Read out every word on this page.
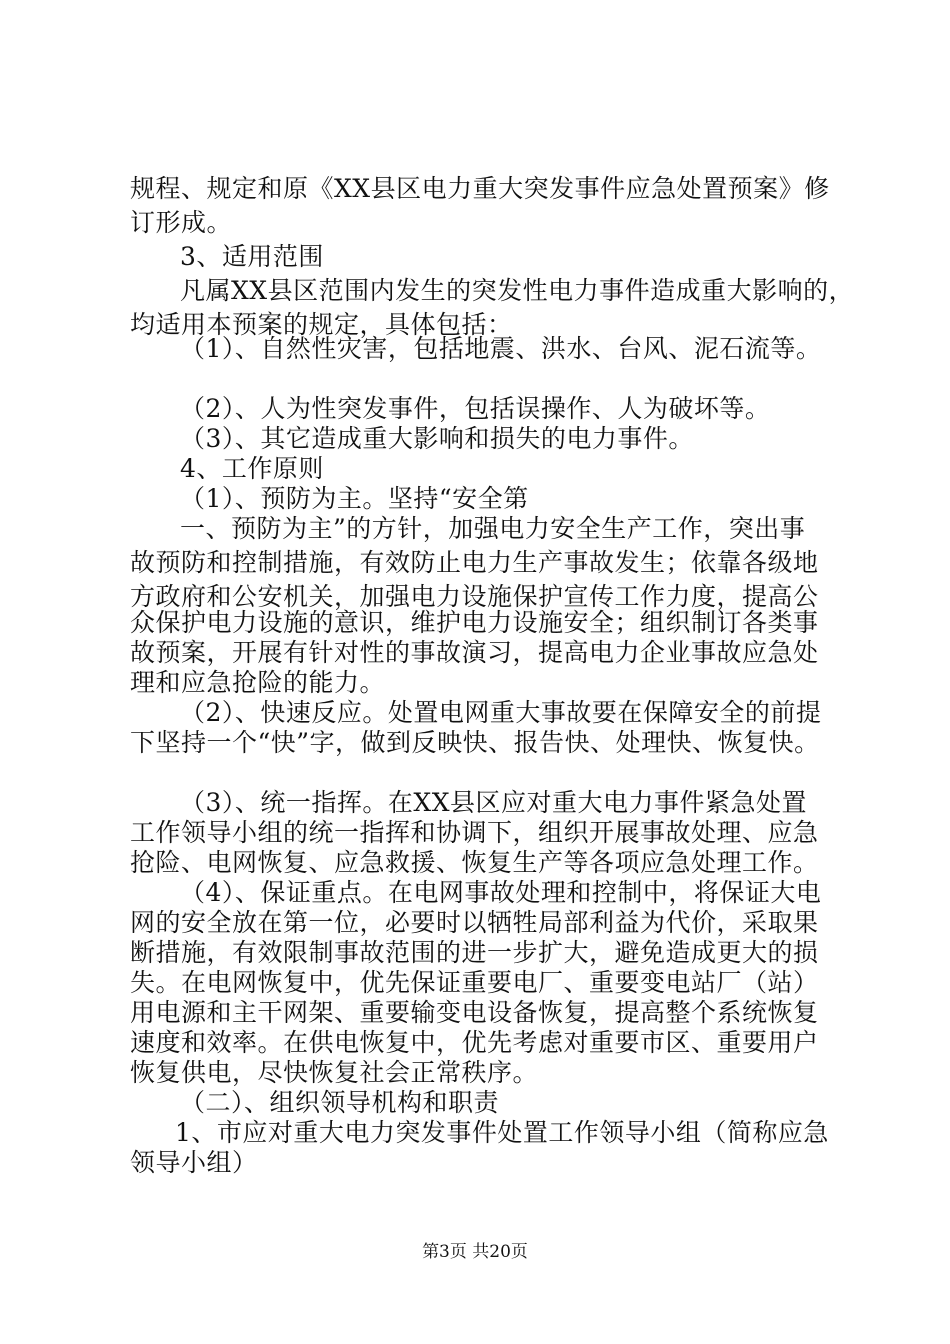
规程、规定和原《XX县区电力重大突发事件应急处置预案》修
订形成。
3、适用范围
凡属XX县区范围内发生的突发性电力事件造成重大影响的，
均适用本预案的规定，具体包括：
（1）、自然性灾害，包括地震、洪水、台风、泥石流等。
（2）、人为性突发事件，包括误操作、人为破坏等。
（3）、其它造成重大影响和损失的电力事件。
4、工作原则
（1）、预防为主。坚持“安全第
一、预防为主”的方针，加强电力安全生产工作，突出事
故预防和控制措施，有效防止电力生产事故发生；依靠各级地
方政府和公安机关，加强电力设施保护宣传工作力度，提高公
众保护电力设施的意识，维护电力设施安全；组织制订各类事
故预案，开展有针对性的事故演习，提高电力企业事故应急处
理和应急抢险的能力。
（2）、快速反应。处置电网重大事故要在保障安全的前提
下坚持一个“快”字，做到反映快、报告快、处理快、恢复快。
（3）、统一指挥。在XX县区应对重大电力事件紧急处置
工作领导小组的统一指挥和协调下，组织开展事故处理、应急
抢险、电网恢复、应急救援、恢复生产等各项应急处理工作。
（4）、保证重点。在电网事故处理和控制中，将保证大电
网的安全放在第一位，必要时以牺牲局部利益为代价，采取果
断措施，有效限制事故范围的进一步扩大，避免造成更大的损
失。在电网恢复中，优先保证重要电厂、重要变电站厂（站）
用电源和主干网架、重要输变电设备恢复，提高整个系统恢复
速度和效率。在供电恢复中，优先考虑对重要市区、重要用户
恢复供电，尽快恢复社会正常秩序。
（二）、组织领导机构和职责
1、市应对重大电力突发事件处置工作领导小组（简称应急
领导小组）
第3页 共20页
